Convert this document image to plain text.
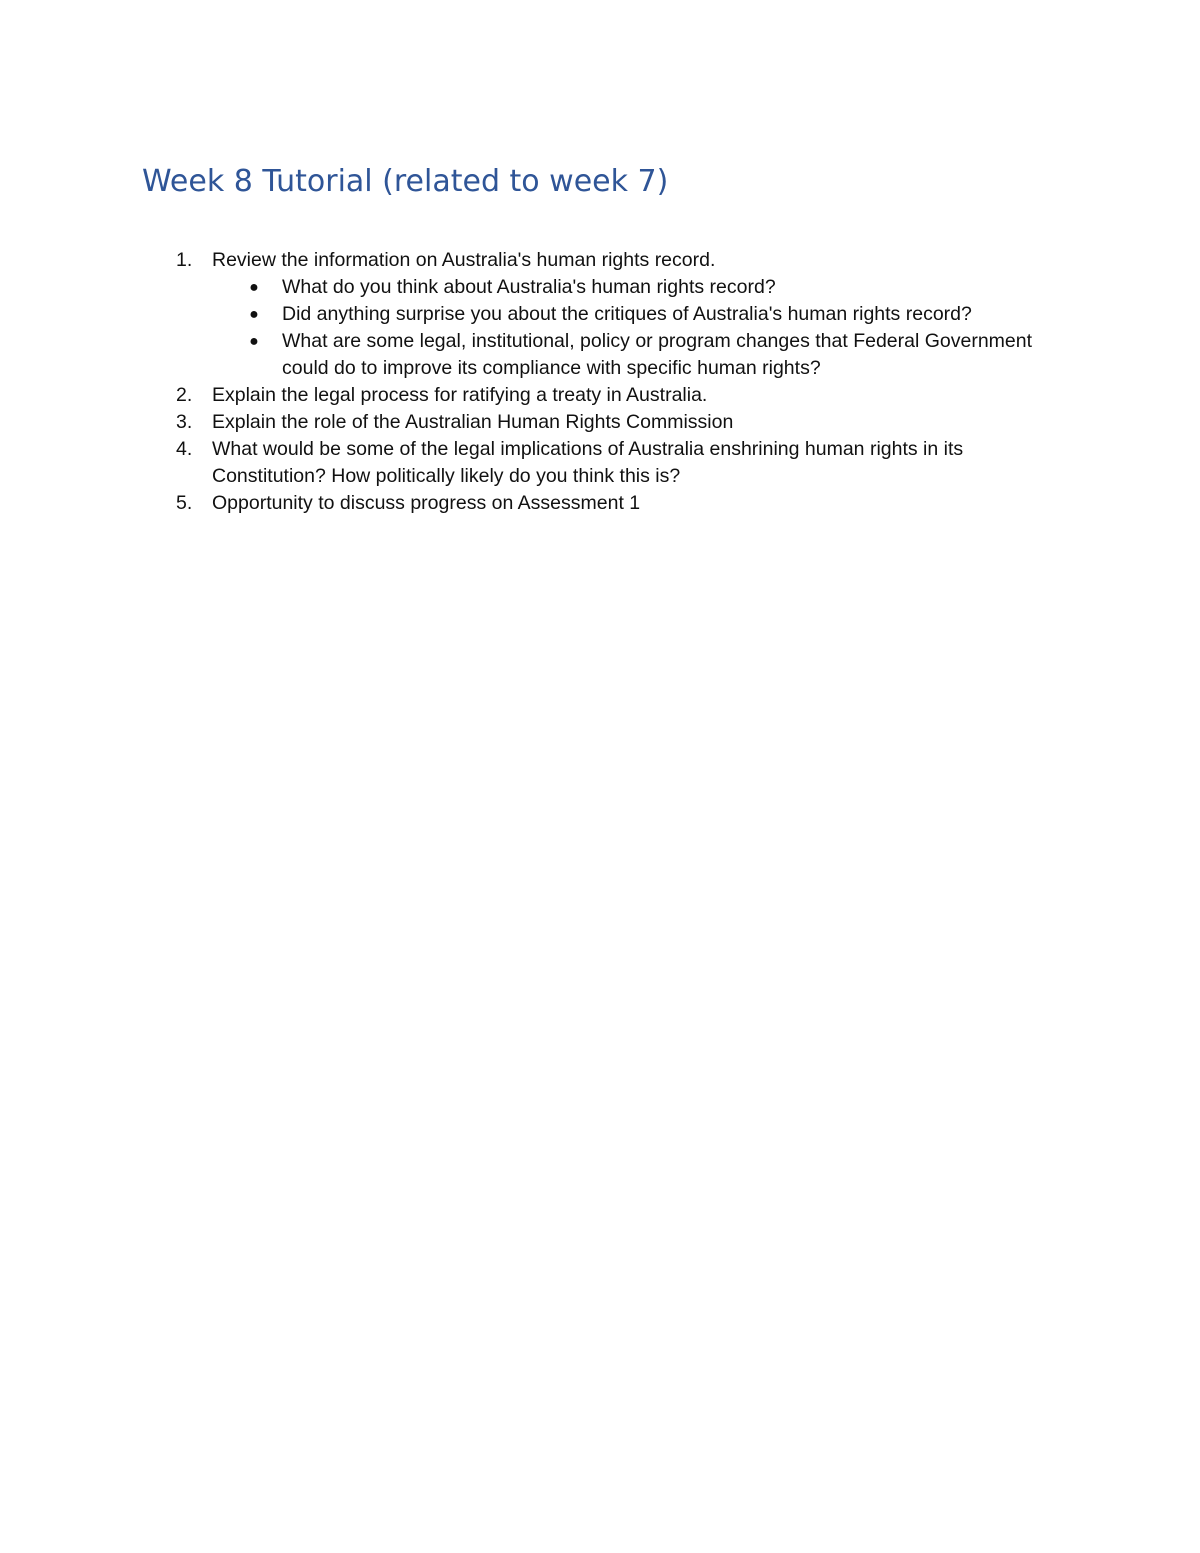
Week 8 Tutorial (related to week 7)
1.	Review the information on Australia's human rights record.
● What do you think about Australia's human rights record?
● Did anything surprise you about the critiques of Australia's human rights record?
● What are some legal, institutional, policy or program changes that Federal Government could do to improve its compliance with specific human rights?
2.	Explain the legal process for ratifying a treaty in Australia.
3.	Explain the role of the Australian Human Rights Commission
4.	What would be some of the legal implications of Australia enshrining human rights in its Constitution? How politically likely do you think this is?
5.	Opportunity to discuss progress on Assessment 1
